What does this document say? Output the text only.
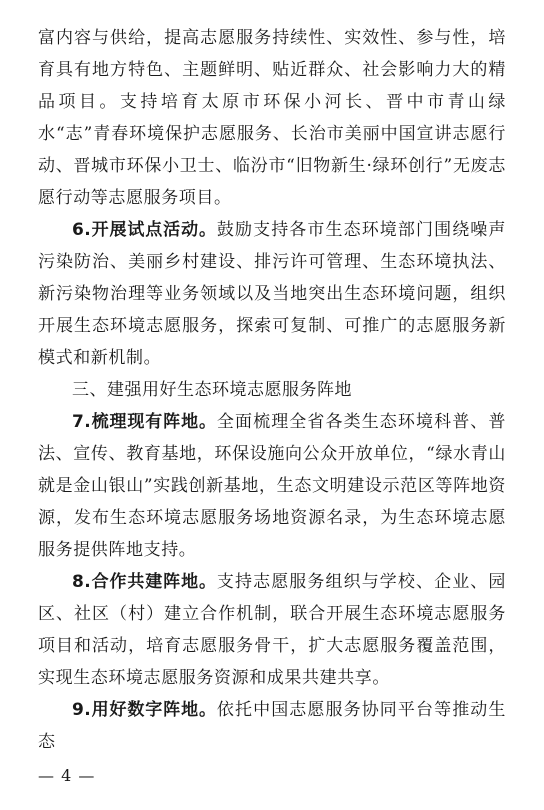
富内容与供给，提高志愿服务持续性、实效性、参与性，培育具有地方特色、主题鲜明、贴近群众、社会影响力大的精品项目。支持培育太原市环保小河长、晋中市青山绿水“志”青春环境保护志愿服务、长治市美丽中国宣讲志愿行动、晋城市环保小卫士、临汾市“旧物新生·绿环创行”无废志愿行动等志愿服务项目。

6.开展试点活动。鼓励支持各市生态环境部门围绕噪声污染防治、美丽乡村建设、排污许可管理、生态环境执法、新污染物治理等业务领域以及当地突出生态环境问题，组织开展生态环境志愿服务，探索可复制、可推广的志愿服务新模式和新机制。

三、建强用好生态环境志愿服务阵地

7.梳理现有阵地。全面梳理全省各类生态环境科普、普法、宣传、教育基地，环保设施向公众开放单位，“绿水青山就是金山银山”实践创新基地，生态文明建设示范区等阵地资源，发布生态环境志愿服务场地资源名录，为生态环境志愿服务提供阵地支持。

8.合作共建阵地。支持志愿服务组织与学校、企业、园区、社区（村）建立合作机制，联合开展生态环境志愿服务项目和活动，培育志愿服务骨干，扩大志愿服务覆盖范围，实现生态环境志愿服务资源和成果共建共享。

9.用好数字阵地。依托中国志愿服务协同平台等推动生态

— 4 —
